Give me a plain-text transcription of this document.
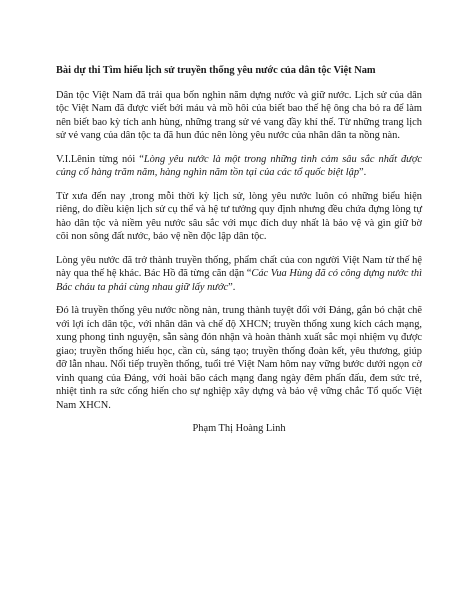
Bài dự thi Tìm hiểu lịch sử truyền thống yêu nước của dân tộc Việt Nam

Dân tộc Việt Nam đã trải qua bốn nghìn năm dựng nước và giữ nước. Lịch sử của dân tộc Việt Nam đã được viết bởi máu và mồ hôi của biết bao thế hệ ông cha bỏ ra để làm nên biết bao kỳ tích anh hùng, những trang sử vẻ vang đầy khí thế. Từ những trang lịch sử vẻ vang của dân tộc ta đã hun đúc nên lòng yêu nước của nhân dân ta nồng nàn.

V.I.Lênin từng nói “Lòng yêu nước là một trong những tình cảm sâu sắc nhất được củng cố hàng trăm năm, hàng nghìn năm tồn tại của các tổ quốc biệt lập”.

Từ xưa đến nay ,trong mỗi thời kỳ lịch sử, lòng yêu nước luôn có những biểu hiện riêng, do điều kiện lịch sử cụ thể và hệ tư tưởng quy định nhưng đều chứa đựng lòng tự hào dân tộc và niềm yêu nước sâu sắc với mục đích duy nhất là bảo vệ và gìn giữ bờ cõi non sông đất nước, bảo vệ nền độc lập dân tộc.

Lòng yêu nước đã trở thành truyền thống, phẩm chất của con người Việt Nam từ thế hệ này qua thế hệ khác. Bác Hồ đã từng căn dặn “Các Vua Hùng đã có công dựng nước thì Bác cháu ta phải cùng nhau giữ lấy nước”.

Đó là truyền thống yêu nước nồng nàn, trung thành tuyệt đối với Đảng, gắn bó chặt chẽ với lợi ích dân tộc, với nhân dân và chế độ XHCN; truyền thống xung kích cách mạng, xung phong tình nguyện, sẵn sàng đón nhận và hoàn thành xuất sắc mọi nhiệm vụ được giao; truyền thống hiếu học, cần cù, sáng tạo; truyền thống đoàn kết, yêu thương, giúp đỡ lẫn nhau. Nối tiếp truyền thống, tuổi trẻ Việt Nam hôm nay vững bước dưới ngọn cờ vinh quang của Đảng, với hoài bão cách mạng đang ngày đêm phấn đấu, đem sức trẻ, nhiệt tình ra sức cống hiến cho sự nghiệp xây dựng và bảo vệ vững chắc Tổ quốc Việt Nam XHCN.

Phạm Thị Hoàng Linh
